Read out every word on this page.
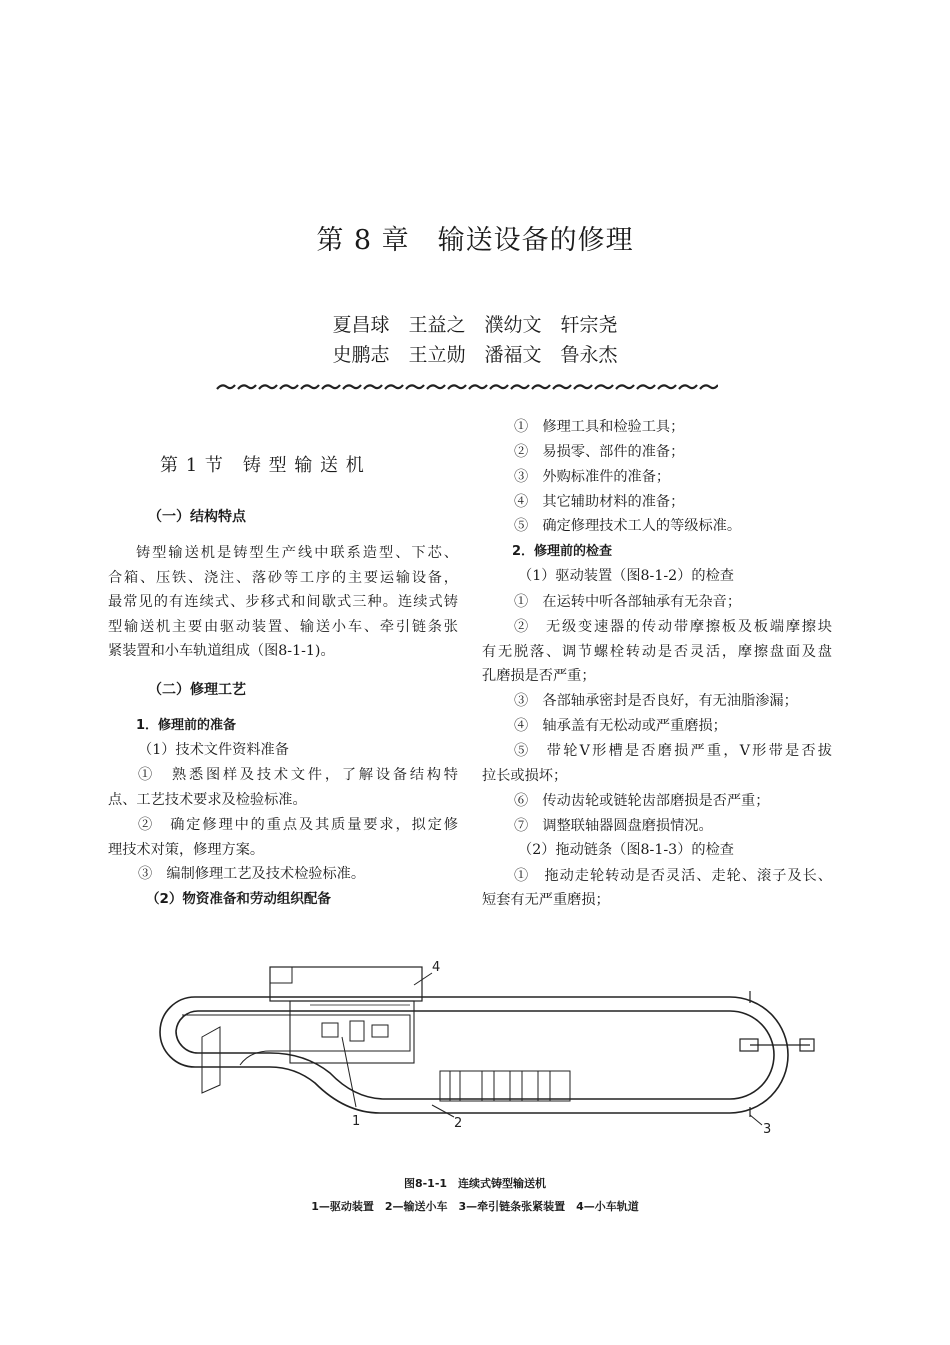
第 8 章　输送设备的修理
夏昌球　王益之　濮幼文　轩宗尧
史鹏志　王立勋　潘福文　鲁永杰
第 1 节　铸 型 输 送 机
（一）结构特点
铸型输送机是铸型生产线中联系造型、下芯、
合箱、压铁、浇注、落砂等工序的主要运输设备，
最常见的有连续式、步移式和间歇式三种。连续式铸
型输送机主要由驱动装置、输送小车、牵引链条张
紧装置和小车轨道组成（图8-1-1)。
（二）修理工艺
1．修理前的准备
（1）技术文件资料准备
①　熟悉图样及技术文件，了解设备结构特
点、工艺技术要求及检验标准。
②　确定修理中的重点及其质量要求，拟定修
理技术对策，修理方案。
③　编制修理工艺及技术检验标准。
（2）物资准备和劳动组织配备
①　修理工具和检验工具；
②　易损零、部件的准备；
③　外购标准件的准备；
④　其它辅助材料的准备；
⑤　确定修理技术工人的等级标准。
2．修理前的检查
（1）驱动装置（图8-1-2）的检查
①　在运转中听各部轴承有无杂音；
②　无级变速器的传动带摩擦板及板端摩擦块
有无脱落、调节螺栓转动是否灵活，摩擦盘面及盘
孔磨损是否严重；
③　各部轴承密封是否良好，有无油脂渗漏；
④　轴承盖有无松动或严重磨损；
⑤　带轮V形槽是否磨损严重，V形带是否拔
拉长或损坏；
⑥　传动齿轮或链轮齿部磨损是否严重；
⑦　调整联轴器圆盘磨损情况。
（2）拖动链条（图8-1-3）的检查
①　拖动走轮转动是否灵活、走轮、滚子及长、
短套有无严重磨损；
1	2	3
4
图8-1-1　连续式铸型输送机
1—驱动装置　2—输送小车　3—牵引链条张紧装置　4—小车轨道
